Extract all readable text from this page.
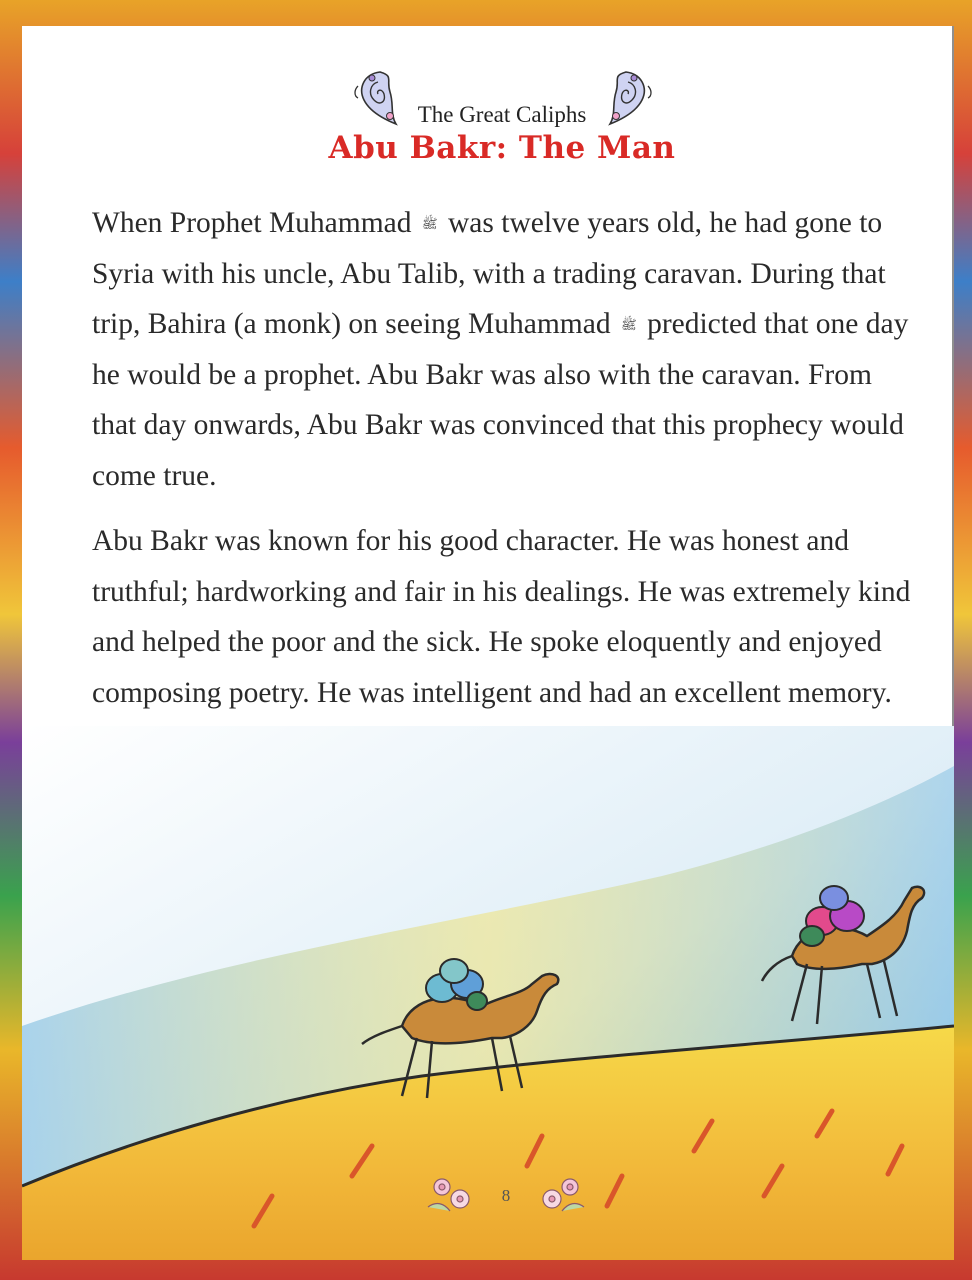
The Great Caliphs
Abu Bakr: The Man

When Prophet Muhammad ﷺ was twelve years old, he had gone to Syria with his uncle, Abu Talib, with a trading caravan. During that trip, Bahira (a monk) on seeing Muhammad ﷺ predicted that one day he would be a prophet. Abu Bakr was also with the caravan. From that day onwards, Abu Bakr was convinced that this prophecy would come true.

Abu Bakr was known for his good character. He was honest and truthful; hardworking and fair in his dealings. He was extremely kind and helped the poor and the sick. He spoke eloquently and enjoyed composing poetry. He was intelligent and had an excellent memory.

8
